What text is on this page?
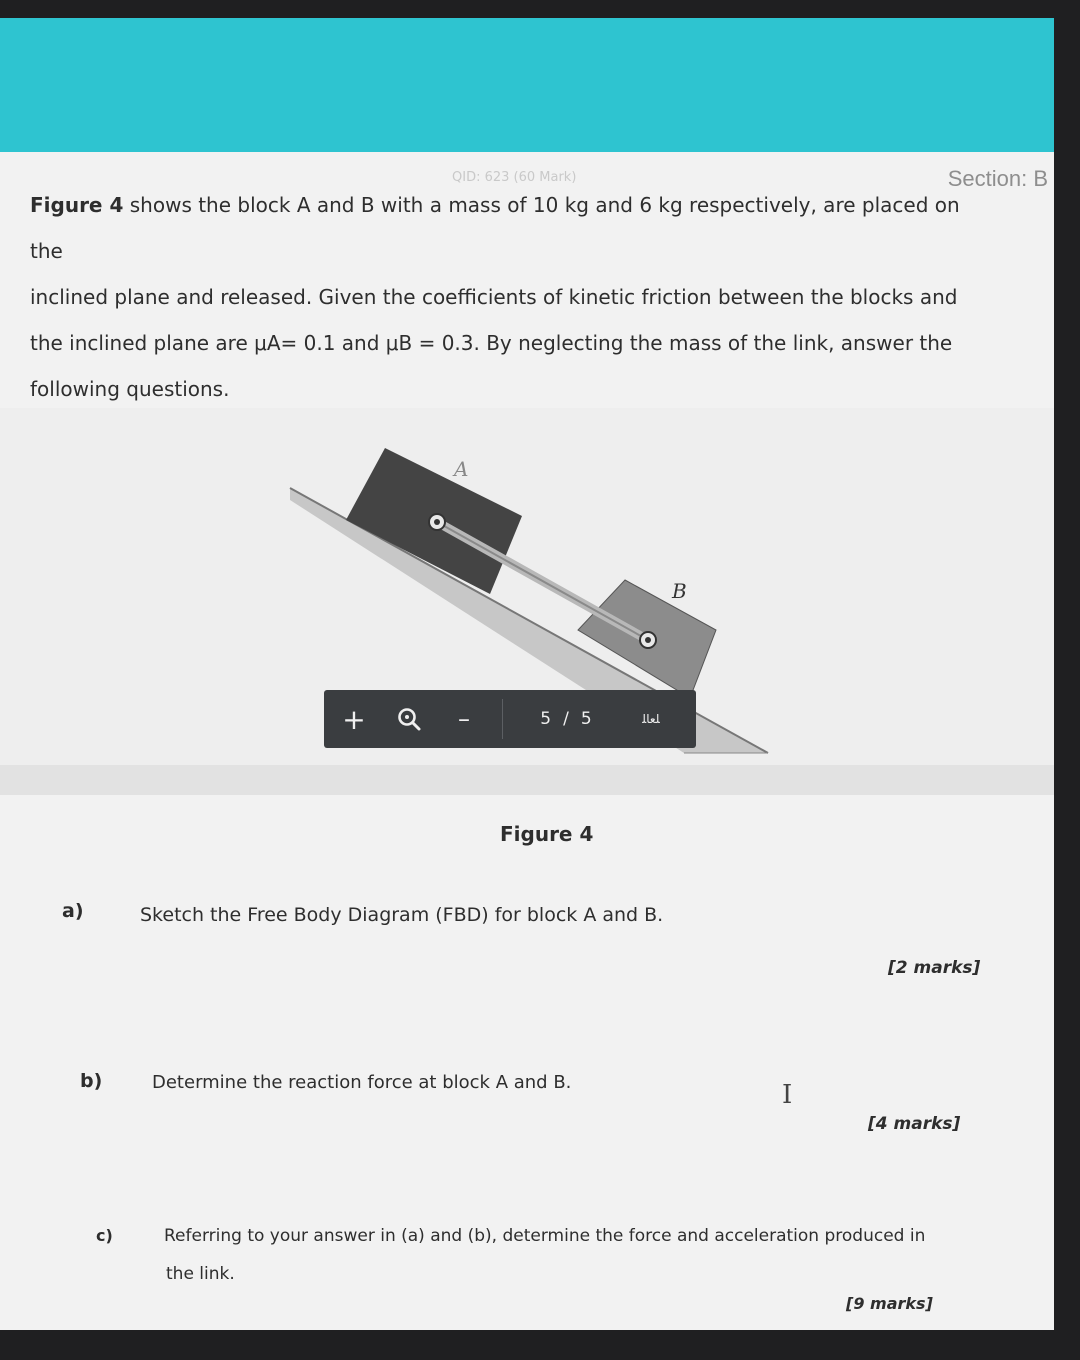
QID: 623 (60 Mark)	Section: B

Figure 4 shows the block A and B with a mass of 10 kg and 6 kg respectively, are placed on the

inclined plane and released. Given the coefficients of kinetic friction between the blocks and

the inclined plane are μA= 0.1 and μB = 0.3. By neglecting the mass of the link, answer the

following questions.

A
B
+	–	5 / 5	ﻠﻌﺎﻠ
Figure 4
a)	Sketch the Free Body Diagram (FBD) for block A and B.
[2 marks]
b)	Determine the reaction force at block A and B.
[4 marks]
I
c)	Referring to your answer in (a) and (b), determine the force and acceleration produced in
the link.
[9 marks]
